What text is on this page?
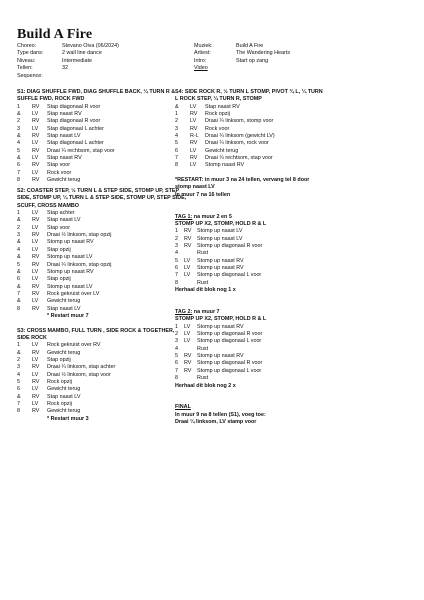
Build A Fire
Choreo:	Stevano Oiva (06/2024)
Type dans:	2 wall line dance
Niveau:	Intermediate
Tellen:	32
Sequence:
Muziek:	Build A Fire
Artiest:	The Wandering Hearts
Intro:	Start op zang
Video
S1: DIAG SHUFFLE FWD, DIAG SHUFFLE BACK, ¼ TURN R & SUFFLE FWD, ROCK FWD
1	RV	Stap diagonaal R voor
&	LV	Stap naast RV
2	RV	Stap diagonaal R voor
3	LV	Stap diagonaal L achter
&	RV	Stap naast LV
4	LV	Stap diagonaal L achter
5	RV	Draai ¼ rechtsom, stap voor
&	LV	Stap naast RV
6	RV	Stap voor
7	LV	Rock voor
8	RV	Gewicht terug
S2: COASTER STEP, ½ TURN L & STEP SIDE, STOMP UP, STEP SIDE, STOMP UP, ¼ TURN L & STEP SIDE, STOMP UP, STEP SIDE, SCUFF, CROSS MAMBO
1	LV	Stap achter
&	RV	Stap naast LV
2	LV	Stap voor
3	RV	Draai ½ linksom, stap opzij
&	LV	Stomp up naast RV
4	LV	Stap opzij
&	RV	Stomp up naast LV
5	RV	Draai ¼ linksom, stap opzij
&	LV	Stomp up naast RV
6	LV	Stap opzij
&	RV	Stomp up naast LV
7	RV	Rock gekruist over LV
&	LV	Gewicht terug
8	RV	Stap naast LV
* Restart muur 7
S3: CROSS MAMBO, FULL TURN , SIDE ROCK & TOGETHER, SIDE ROCK
1	LV	Rock gekruist over RV
&	RV	Gewicht terug
2	LV	Stap opzij
3	RV	Draai ¼ linksom, stap achter
4	LV	Draai ½ linksom, stap voor
5	RV	Rock opzij
6	LV	Gewicht terug
&	RV	Stap naast LV
7	LV	Rock opzij
8	RV	Gewicht terug
* Restart muur 3
S4: SIDE ROCK R, ½ TURN L STOMP, PIVOT ¾ L, ¼ TURN L ROCK STEP, ¼ TURN R, STOMP
&	LV	Stap naast RV
1	RV	Rock opzij
2	LV	Draai ¼ linksom, stomp voor
3	RV	Rock voor
4	R-L	Draai ¼ linksom (gewicht LV)
5	RV	Draai ¼ linksom, rock voor
6	LV	Gewicht terug
7	RV	Draai ¼ rechtsom, stap voor
8	LV	Stomp naast RV
*RESTART: in muur 3 na 24 tellen, vervang tel 8 door stomp naast LV
In muur 7 na 16 tellen
TAG 1: na muur 2 en 5
STOMP UP X2, STOMP, HOLD R & L
1	RV	Stomp up naast LV
2	RV	Stomp up naast LV
3	RV	Stomp up diagonaal R voor
4	Rust
5	LV	Stomp up naast RV
6	LV	Stomp up naast RV
7	LV	Stomp up diagonaal L voor
8	Rust
Herhaal dit blok nog 1 x
TAG 2: na muur 7
STOMP UP X2, STOMP, HOLD R & L
1	LV	Stomp up naast RV
2	LV	Stomp up diagonaal R voor
3	LV	Stomp up diagonaal L voor
4	Rust
5	RV	Stomp up naast RV
6	RV	Stomp up diagonaal R voor
7	RV	Stomp up diagonaal L voor
8	Rust
Herhaal dit blok nog 2 x
FINAL
In muur 9 na 8 tellen (S1), voeg toe:
Draai ¼ linksom, LV stamp voor
